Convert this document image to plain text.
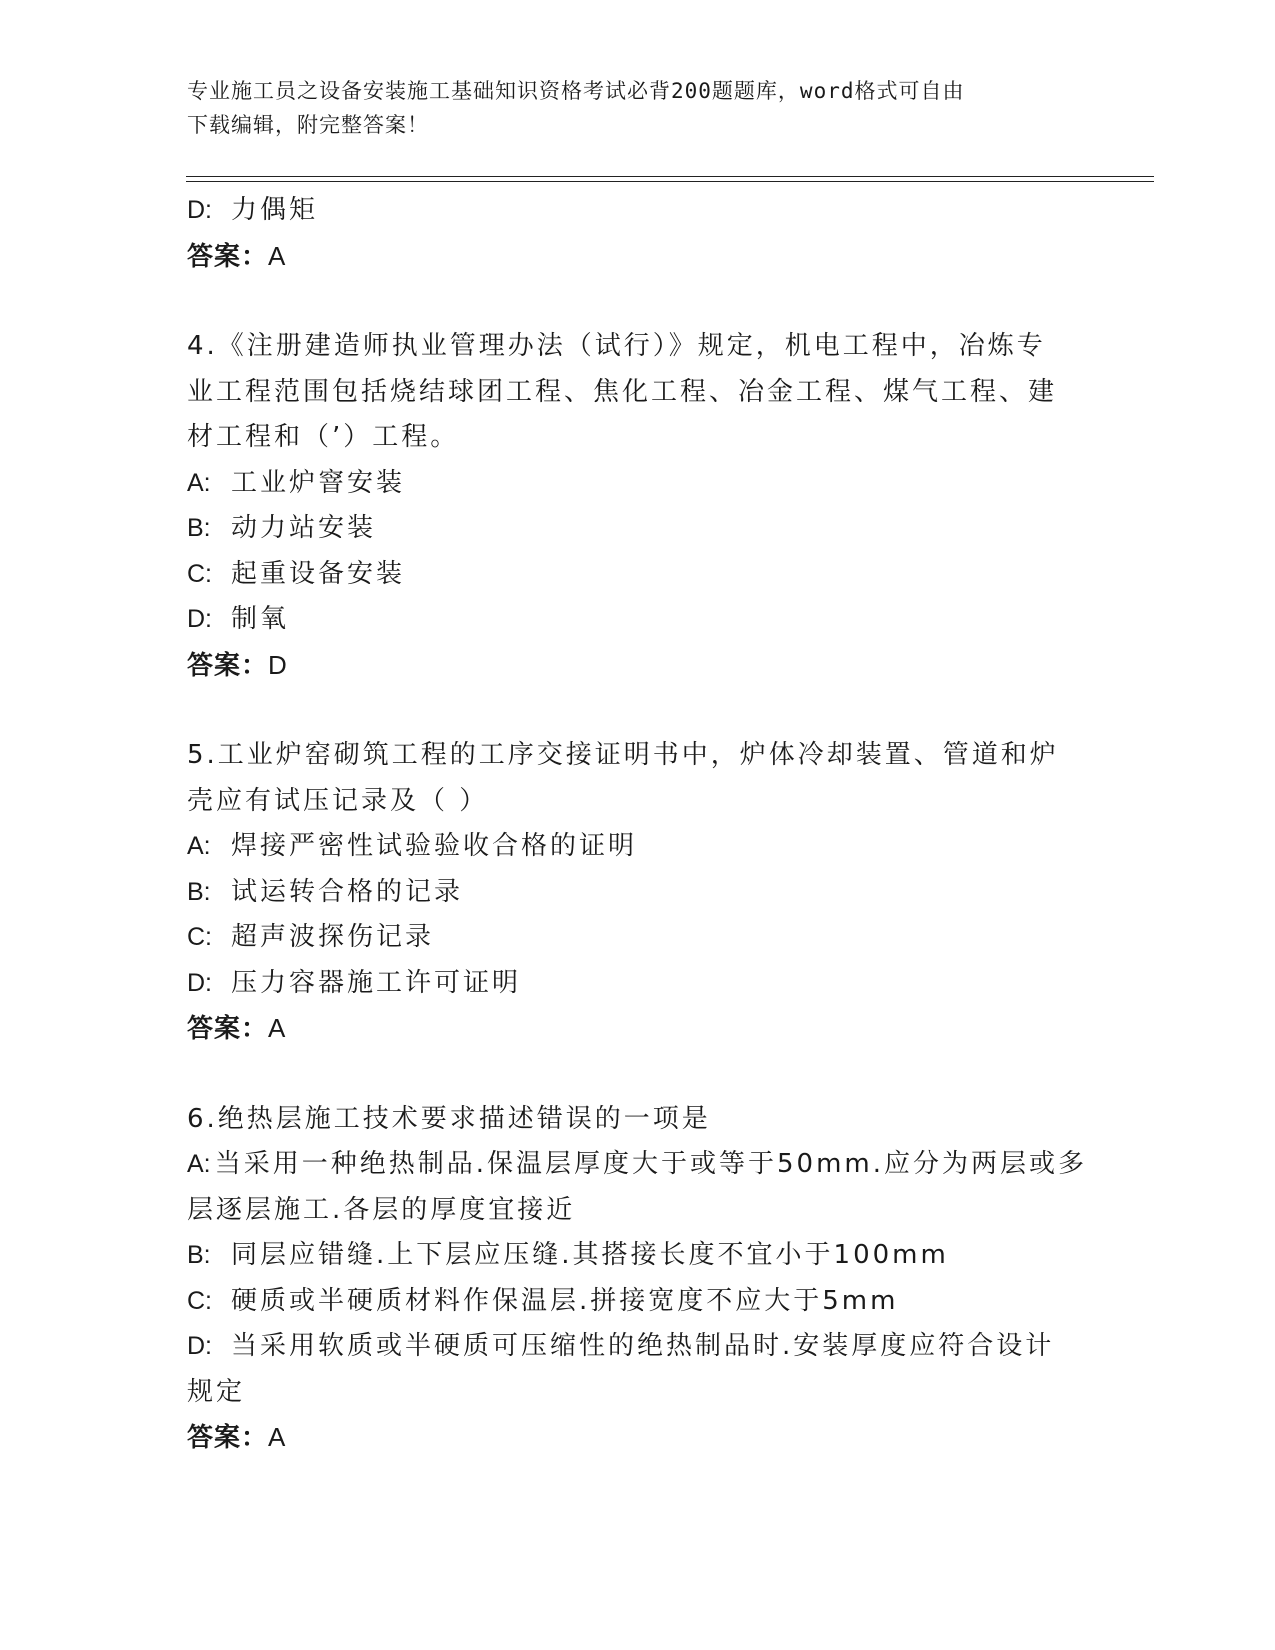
专业施工员之设备安装施工基础知识资格考试必背200题题库，word格式可自由
下载编辑，附完整答案！
D: 力偶矩
答案：A
4.《注册建造师执业管理办法（试行）》规定，机电工程中，冶炼专
业工程范围包括烧结球团工程、焦化工程、冶金工程、煤气工程、建
材工程和（’）工程。
A: 工业炉窨安装
B: 动力站安装
C: 起重设备安装
D: 制氧
答案：D
5.工业炉窑砌筑工程的工序交接证明书中，炉体冷却装置、管道和炉
壳应有试压记录及（ ）
A: 焊接严密性试验验收合格的证明
B: 试运转合格的记录
C: 超声波探伤记录
D: 压力容器施工许可证明
答案：A
6.绝热层施工技术要求描述错误的一项是
A: 当采用一种绝热制品.保温层厚度大于或等于50mm.应分为两层或多
层逐层施工.各层的厚度宜接近
B: 同层应错缝.上下层应压缝.其搭接长度不宜小于100mm
C: 硬质或半硬质材料作保温层.拼接宽度不应大于5mm
D: 当采用软质或半硬质可压缩性的绝热制品时.安装厚度应符合设计
规定
答案：A
